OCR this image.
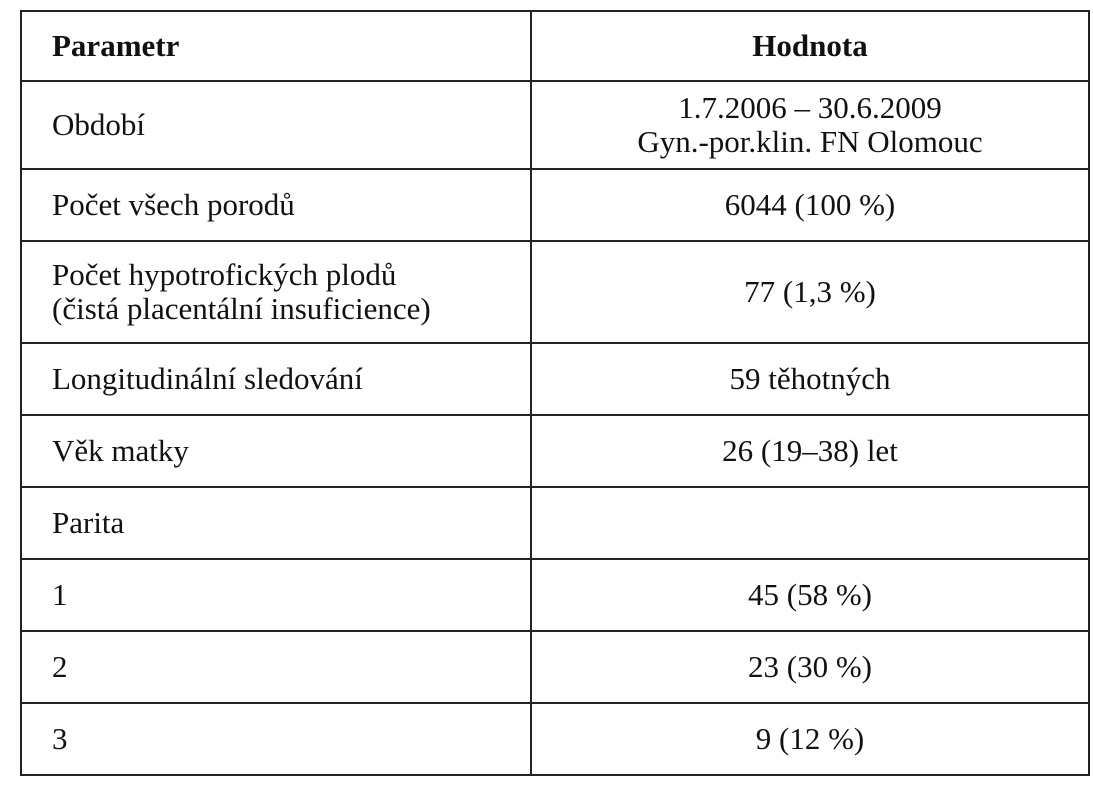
Parametr	Hodnota
Období	1.7.2006 – 30.6.2009
Gyn.-por.klin. FN Olomouc

Počet všech porodů	6044 (100 %)

Počet hypotrofických plodů
(čistá placentální insuficience)	77 (1,3 %)
Longitudinální sledování	59 těhotných
Věk matky	26 (19–38) let
Parita	
1	45 (58 %)
2	23 (30 %)
3	9 (12 %)
